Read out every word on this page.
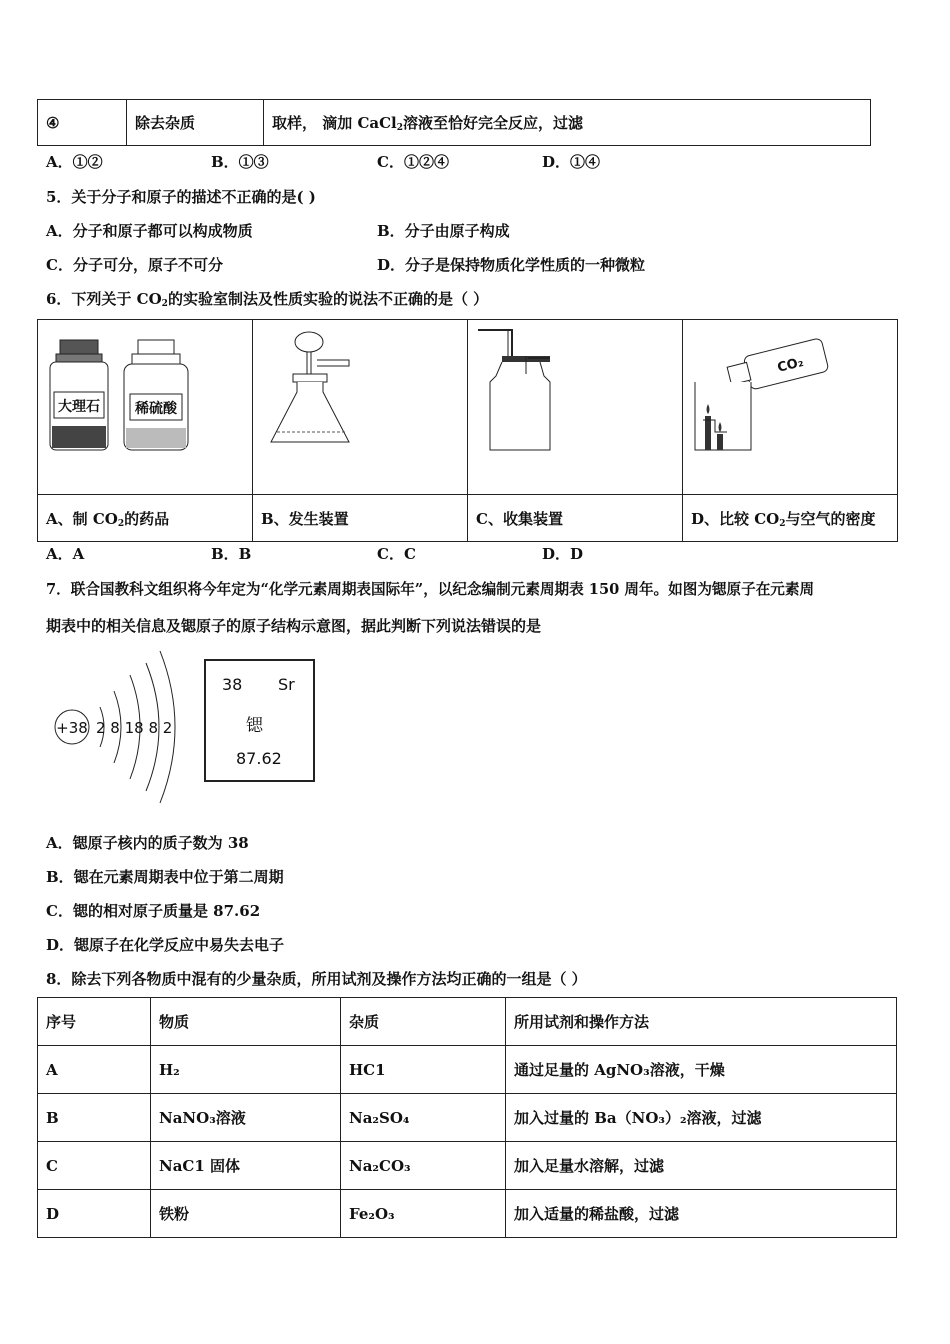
④	除去杂质	取样， 滴加 CaCl$_2$溶液至恰好完全反应，过滤
A．①②	B．①③	C．①②④	D．①④
5．关于分子和原子的描述不正确的是( )
A．分子和原子都可以构成物质	B．分子由原子构成
C．分子可分，原子不可分	D．分子是保持物质化学性质的一种微粒
6．下列关于 $CO_2$的实验室制法及性质实验的说法不正确的是（ ）
大理石 稀硫酸			CO₂

A、制 $CO_2$的药品	B、发生装置	C、收集装置	D、比较 $CO_2$与空气的密度
A．A	B．B	C．C	D．D
7．联合国教科文组织将今年定为“化学元素周期表国际年”，以纪念编制元素周期表 150 周年。如图为锶原子在元素周
期表中的相关信息及锶原子的原子结构示意图，据此判断下列说法错误的是
+38 2 8 18 8 2
38 Sr
锶
87.62
A．锶原子核内的质子数为 38
B．锶在元素周期表中位于第二周期
C．锶的相对原子质量是 87.62
D．锶原子在化学反应中易失去电子
8．除去下列各物质中混有的少量杂质，所用试剂及操作方法均正确的一组是（ ）
序号	物质	杂质	所用试剂和操作方法
A	H₂	HC1	通过足量的 AgNO₃溶液，干燥
B	NaNO₃溶液	Na₂SO₄	加入过量的 Ba（NO₃）₂溶液，过滤
C	NaC1 固体	Na₂CO₃	加入足量水溶解，过滤
D	铁粉	Fe₂O₃	加入适量的稀盐酸，过滤
